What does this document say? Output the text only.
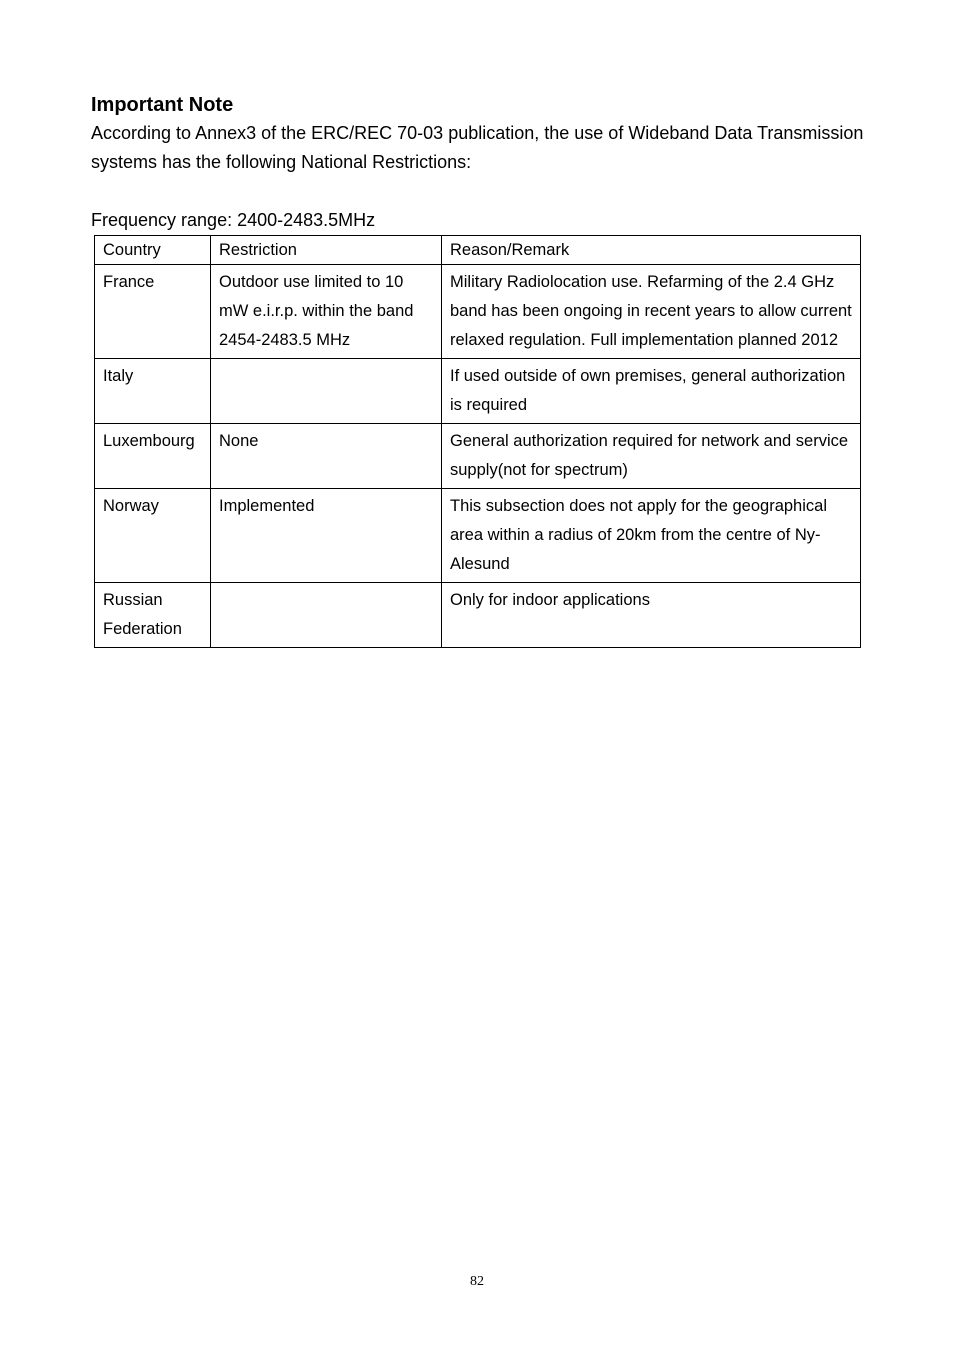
Important Note

According to Annex3 of the ERC/REC 70-03 publication, the use of Wideband Data Transmission systems has the following National Restrictions:

Frequency range: 2400-2483.5MHz

Country	Restriction	Reason/Remark
France	Outdoor use limited to 10 mW e.i.r.p. within the band 2454-2483.5 MHz	Military Radiolocation use. Refarming of the 2.4 GHz band has been ongoing in recent years to allow current relaxed regulation. Full implementation planned 2012
Italy		If used outside of own premises, general authorization is required
Luxembourg	None	General authorization required for network and service supply(not for spectrum)
Norway	Implemented	This subsection does not apply for the geographical area within a radius of 20km from the centre of Ny-Alesund
Russian Federation		Only for indoor applications
82
